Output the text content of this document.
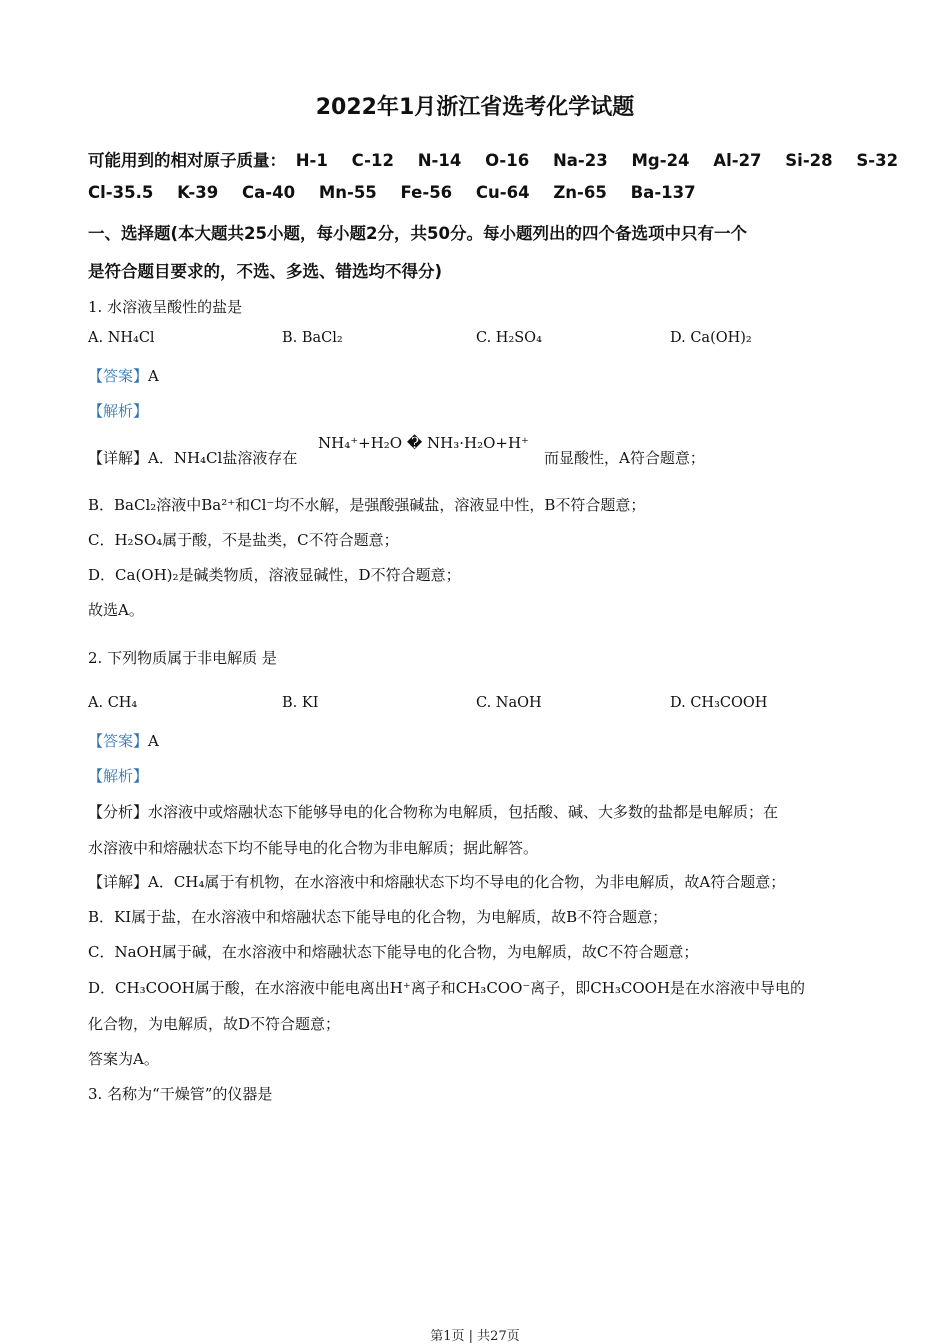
2022年1月浙江省选考化学试题
可能用到的相对原子质量： H-1 C-12 N-14 O-16 Na-23 Mg-24 Al-27 Si-28 S-32
Cl-35.5 K-39 Ca-40 Mn-55 Fe-56 Cu-64 Zn-65 Ba-137
一、选择题(本大题共25小题，每小题2分，共50分。每小题列出的四个备选项中只有一个
是符合题目要求的，不选、多选、错选均不得分)
1. 水溶液呈酸性的盐是
A. NH₄Cl	B. BaCl₂	C. H₂SO₄	D. Ca(OH)₂
【答案】A
【解析】
【详解】A．NH₄Cl盐溶液存在
NH₄⁺+H₂O � NH₃·H₂O+H⁺
而显酸性，A符合题意；
B．BaCl₂溶液中Ba²⁺和Cl⁻均不水解，是强酸强碱盐，溶液显中性，B不符合题意；
C．H₂SO₄属于酸，不是盐类，C不符合题意；
D．Ca(OH)₂是碱类物质，溶液显碱性，D不符合题意；
故选A。
2. 下列物质属于非电解质 是
A. CH₄	B. KI	C. NaOH	D. CH₃COOH
【答案】A
【解析】
【分析】水溶液中或熔融状态下能够导电的化合物称为电解质，包括酸、碱、大多数的盐都是电解质；在
水溶液中和熔融状态下均不能导电的化合物为非电解质；据此解答。
【详解】A．CH₄属于有机物，在水溶液中和熔融状态下均不导电的化合物，为非电解质，故A符合题意；
B．KI属于盐，在水溶液中和熔融状态下能导电的化合物，为电解质，故B不符合题意；
C．NaOH属于碱，在水溶液中和熔融状态下能导电的化合物，为电解质，故C不符合题意；
D．CH₃COOH属于酸，在水溶液中能电离出H⁺离子和CH₃COO⁻离子，即CH₃COOH是在水溶液中导电的
化合物，为电解质，故D不符合题意；
答案为A。
3. 名称为“干燥管”的仪器是
第1页 | 共27页
